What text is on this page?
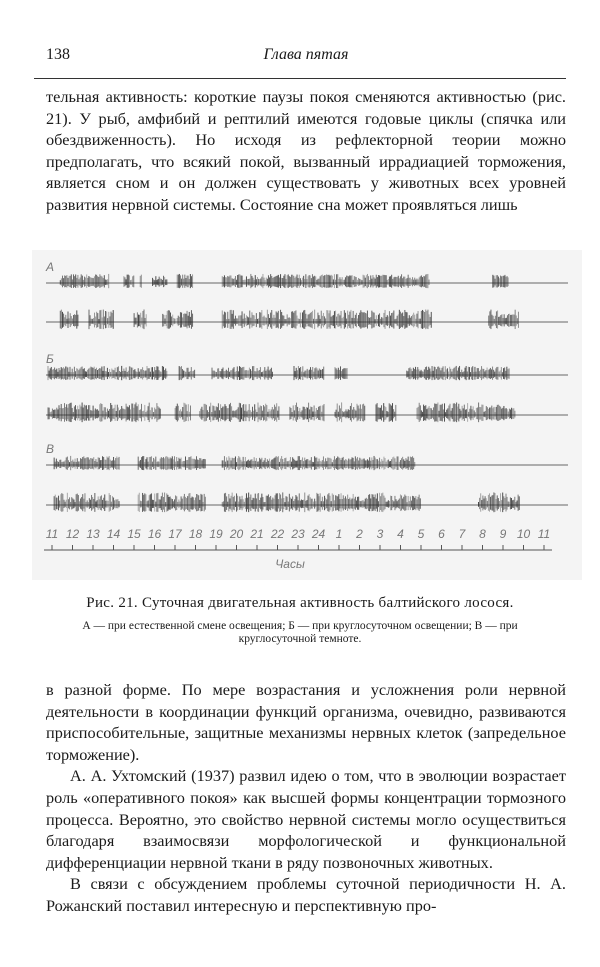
138	Глава пятая

тельная активность: короткие паузы покоя сменяются активностью (рис. 21). У рыб, амфибий и рептилий имеются годовые циклы (спячка или обездвиженность). Но исходя из рефлекторной теории можно предполагать, что всякий покой, вызванный иррадиацией торможения, является сном и он должен существовать у животных всех уровней развития нервной системы. Состояние сна может проявляться лишь

А
Б
В
11 12 13 14 15 16 17 18 19 20 21 22 23 24 1 2 3 4 5 6 7 8 9 10 11
Часы
Рис. 21. Суточная двигательная активность балтийского лосося.
А — при естественной смене освещения; Б — при круглосуточном освещении; В — при круглосуточной темноте.

в разной форме. По мере возрастания и усложнения роли нервной деятельности в координации функций организма, очевидно, развиваются приспособительные, защитные механизмы нервных клеток (запредельное торможение).

А. А. Ухтомский (1937) развил идею о том, что в эволюции возрастает роль «оперативного покоя» как высшей формы концентрации тормозного процесса. Вероятно, это свойство нервной системы могло осуществиться благодаря взаимосвязи морфологической и функциональной дифференциации нервной ткани в ряду позвоночных животных.

В связи с обсуждением проблемы суточной периодичности Н. А. Рожанский поставил интересную и перспективную про-
